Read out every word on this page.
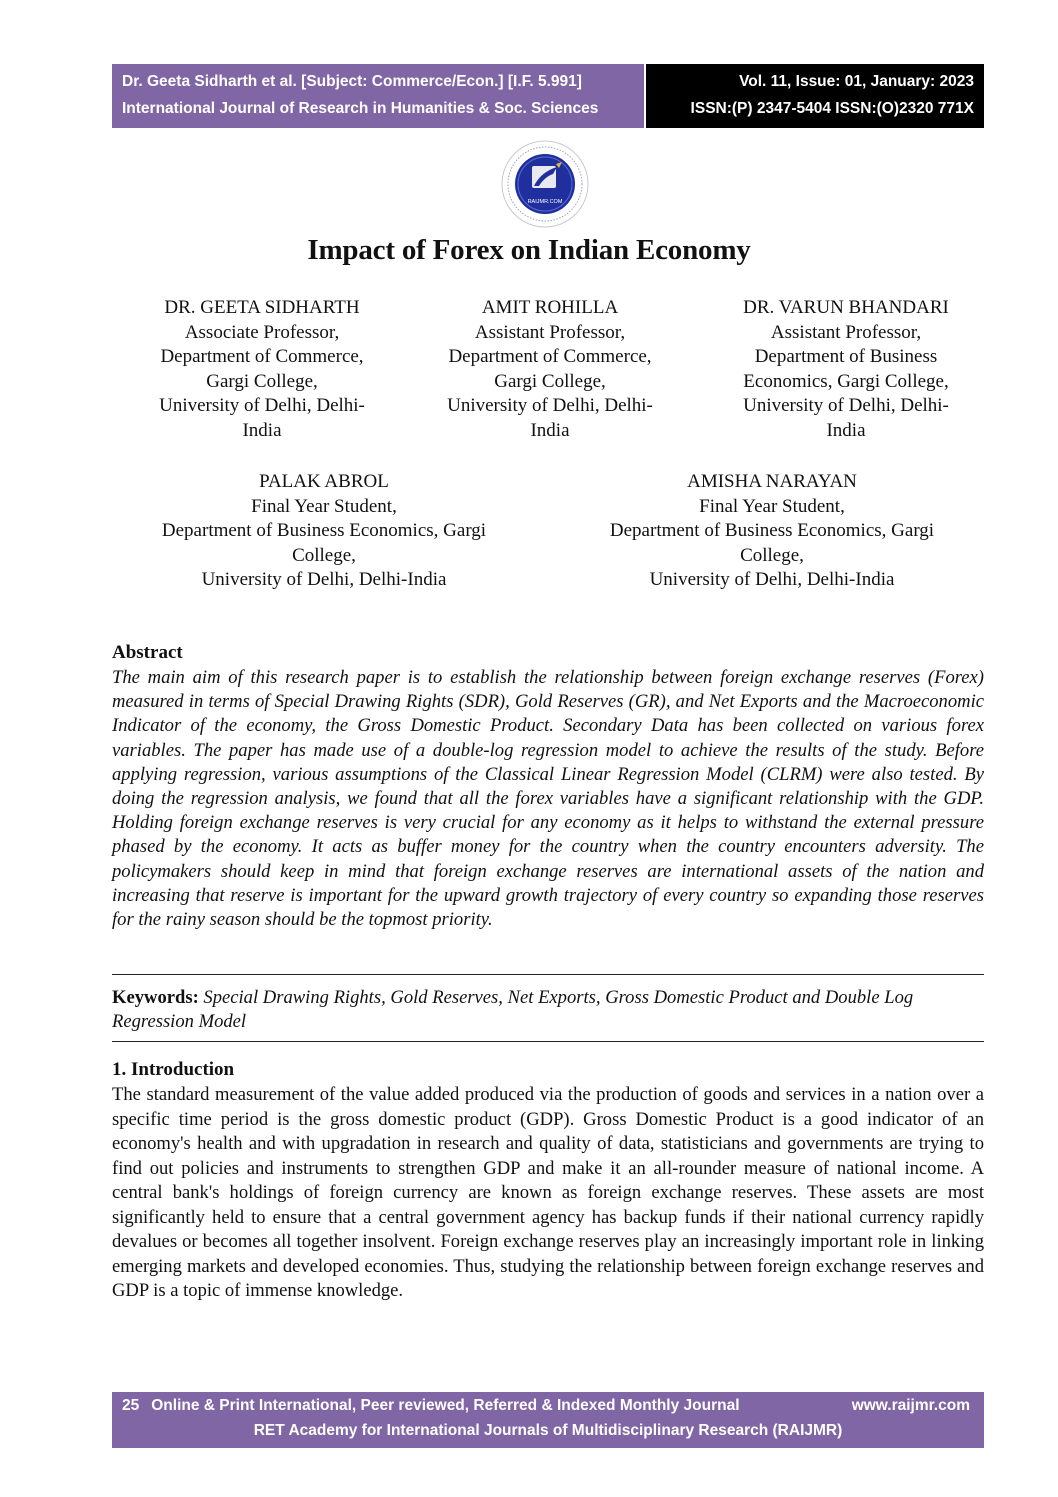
Dr. Geeta Sidharth et al. [Subject: Commerce/Econ.] [I.F. 5.991]
International Journal of Research in Humanities & Soc. Sciences
Vol. 11, Issue: 01, January: 2023
ISSN:(P) 2347-5404 ISSN:(O)2320 771X
RAIJMR.COM
Impact of Forex on Indian Economy
DR. GEETA SIDHARTH
Associate Professor,
Department of Commerce,
Gargi College,
University of Delhi, Delhi-
India
AMIT ROHILLA
Assistant Professor,
Department of Commerce,
Gargi College,
University of Delhi, Delhi-
India
DR. VARUN BHANDARI
Assistant Professor,
Department of Business
Economics, Gargi College,
University of Delhi, Delhi-
India
PALAK ABROL
Final Year Student,
Department of Business Economics, Gargi
College,
University of Delhi, Delhi-India
AMISHA NARAYAN
Final Year Student,
Department of Business Economics, Gargi
College,
University of Delhi, Delhi-India
Abstract
The main aim of this research paper is to establish the relationship between foreign exchange reserves (Forex) measured in terms of Special Drawing Rights (SDR), Gold Reserves (GR), and Net Exports and the Macroeconomic Indicator of the economy, the Gross Domestic Product. Secondary Data has been collected on various forex variables. The paper has made use of a double-log regression model to achieve the results of the study. Before applying regression, various assumptions of the Classical Linear Regression Model (CLRM) were also tested. By doing the regression analysis, we found that all the forex variables have a significant relationship with the GDP. Holding foreign exchange reserves is very crucial for any economy as it helps to withstand the external pressure phased by the economy. It acts as buffer money for the country when the country encounters adversity. The policymakers should keep in mind that foreign exchange reserves are international assets of the nation and increasing that reserve is important for the upward growth trajectory of every country so expanding those reserves for the rainy season should be the topmost priority.
Keywords: Special Drawing Rights, Gold Reserves, Net Exports, Gross Domestic Product and Double Log Regression Model
1. Introduction
The standard measurement of the value added produced via the production of goods and services in a nation over a specific time period is the gross domestic product (GDP). Gross Domestic Product is a good indicator of an economy's health and with upgradation in research and quality of data, statisticians and governments are trying to find out policies and instruments to strengthen GDP and make it an all-rounder measure of national income. A central bank's holdings of foreign currency are known as foreign exchange reserves. These assets are most significantly held to ensure that a central government agency has backup funds if their national currency rapidly devalues or becomes all together insolvent. Foreign exchange reserves play an increasingly important role in linking emerging markets and developed economies. Thus, studying the relationship between foreign exchange reserves and GDP is a topic of immense knowledge.
25 Online & Print International, Peer reviewed, Referred & Indexed Monthly Journal	www.raijmr.com
RET Academy for International Journals of Multidisciplinary Research (RAIJMR)
